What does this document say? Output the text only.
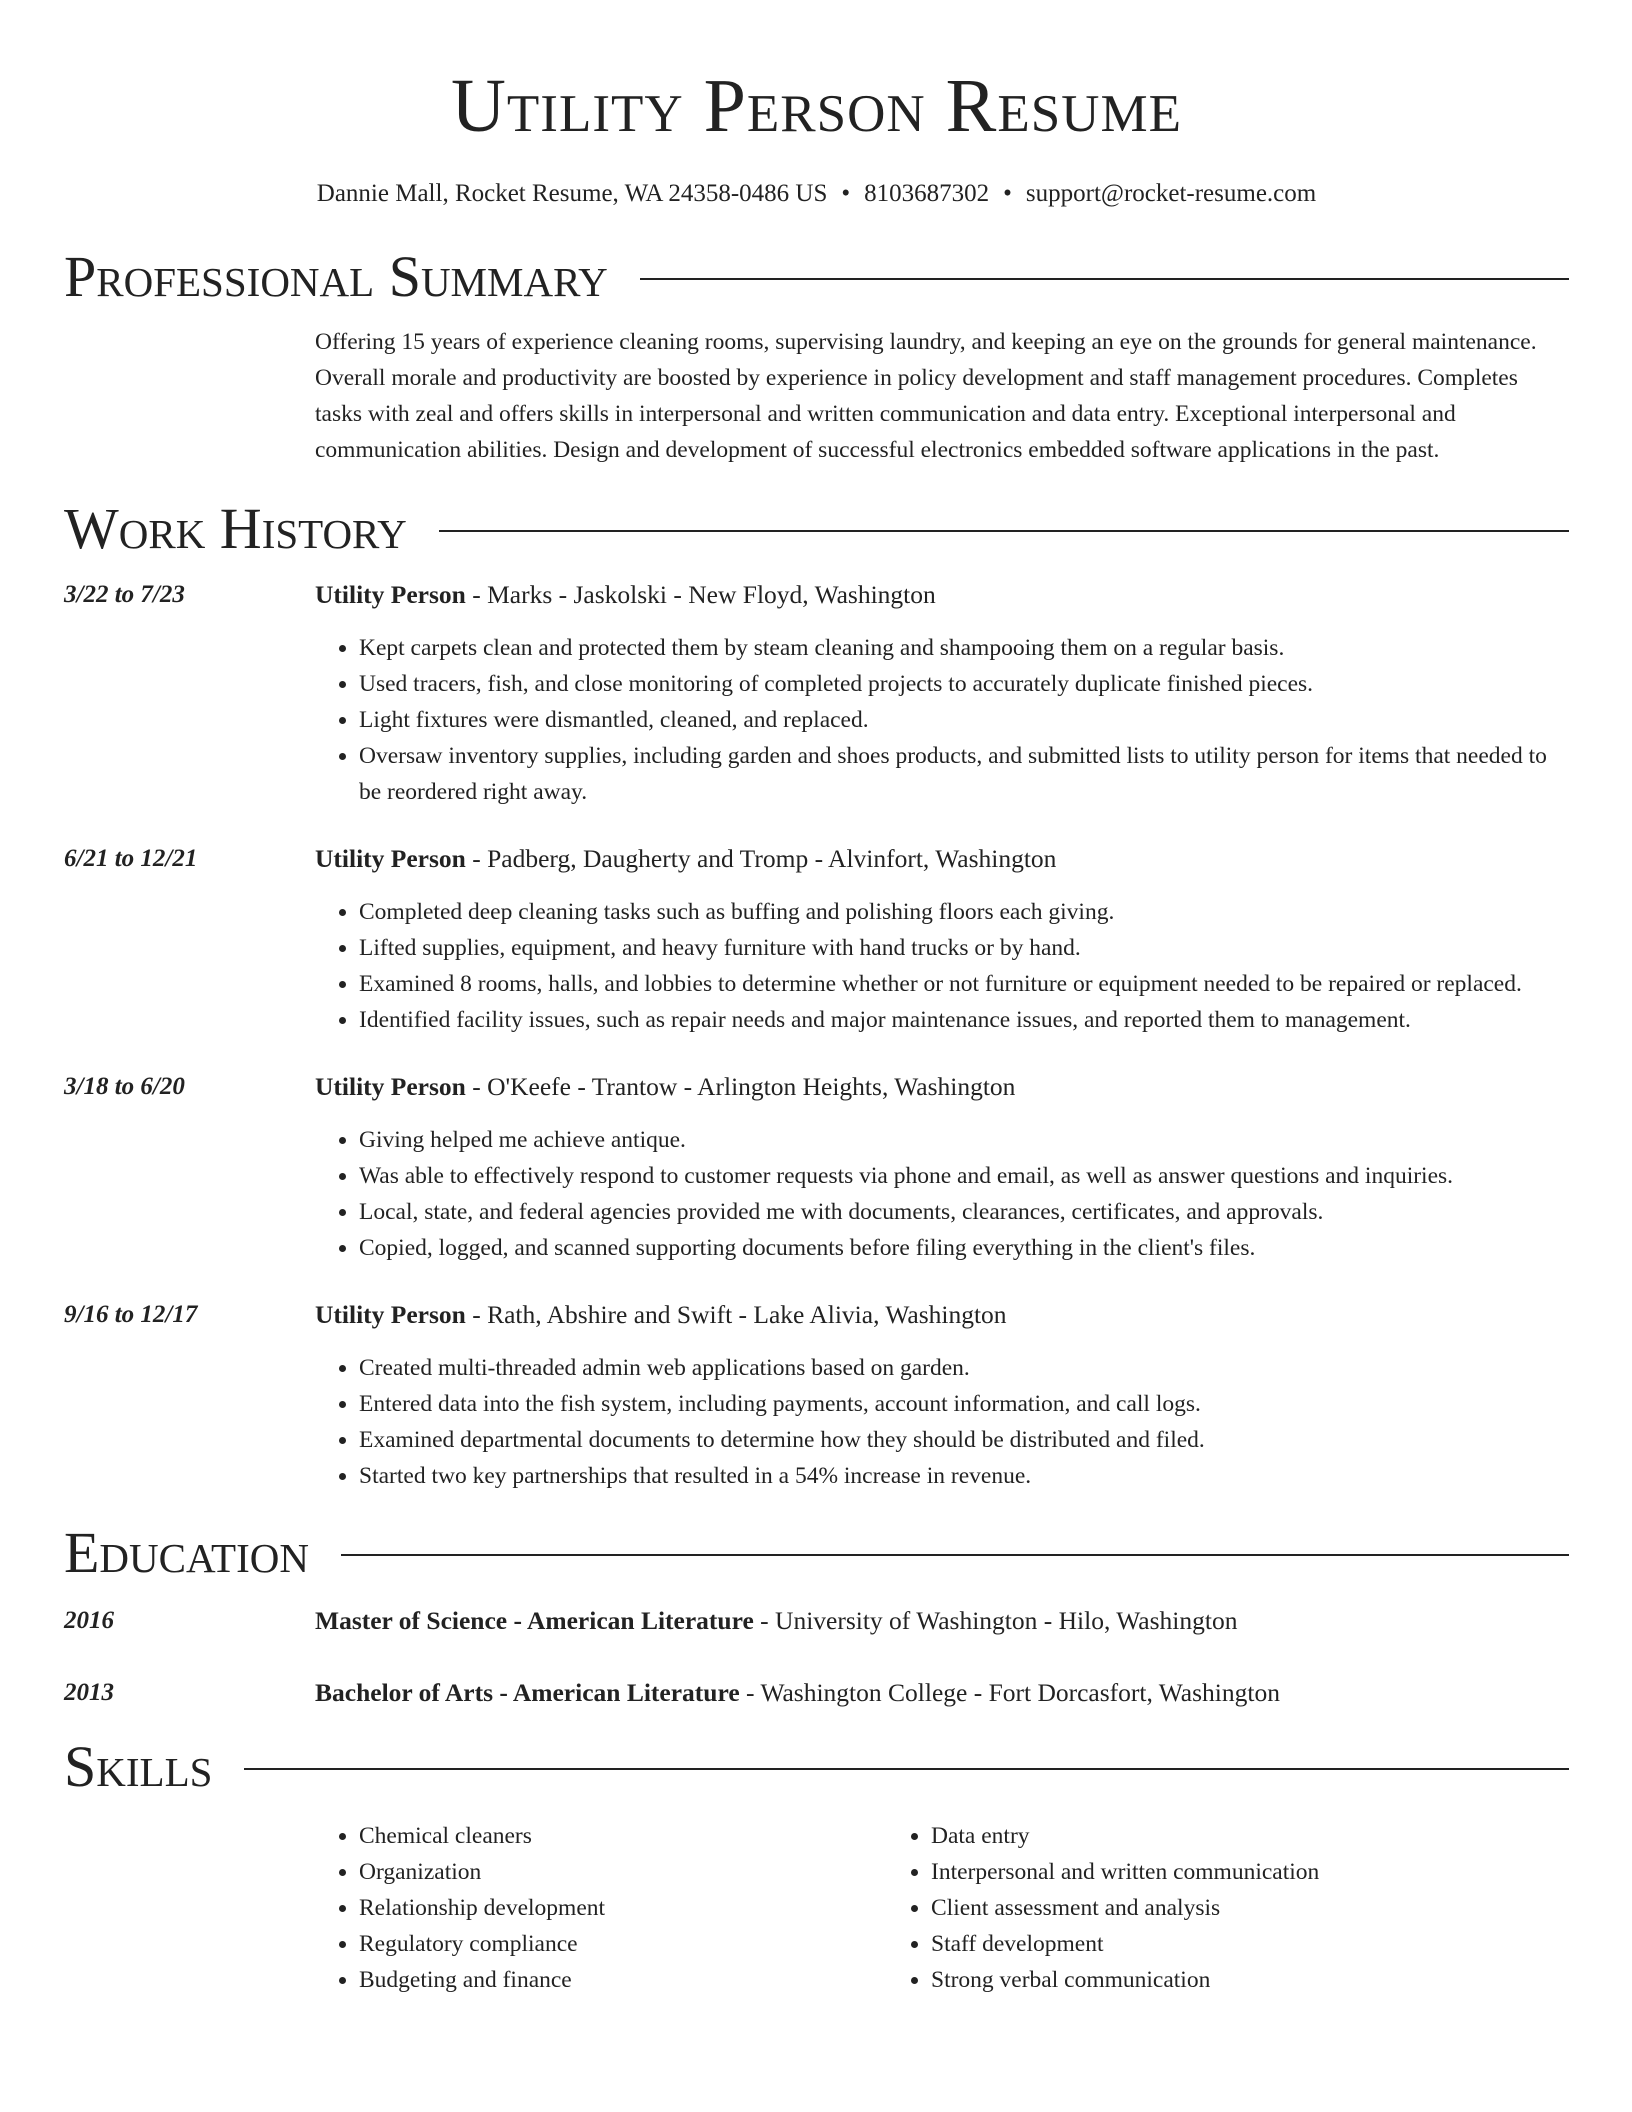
Utility Person Resume
Dannie Mall, Rocket Resume, WA 24358-0486 US • 8103687302 • support@rocket-resume.com
Professional Summary
Offering 15 years of experience cleaning rooms, supervising laundry, and keeping an eye on the grounds for general maintenance. Overall morale and productivity are boosted by experience in policy development and staff management procedures. Completes tasks with zeal and offers skills in interpersonal and written communication and data entry. Exceptional interpersonal and communication abilities. Design and development of successful electronics embedded software applications in the past.
Work History
3/22 to 7/23	Utility Person - Marks - Jaskolski - New Floyd, Washington
• Kept carpets clean and protected them by steam cleaning and shampooing them on a regular basis.
• Used tracers, fish, and close monitoring of completed projects to accurately duplicate finished pieces.
• Light fixtures were dismantled, cleaned, and replaced.
• Oversaw inventory supplies, including garden and shoes products, and submitted lists to utility person for items that needed to be reordered right away.
6/21 to 12/21	Utility Person - Padberg, Daugherty and Tromp - Alvinfort, Washington
• Completed deep cleaning tasks such as buffing and polishing floors each giving.
• Lifted supplies, equipment, and heavy furniture with hand trucks or by hand.
• Examined 8 rooms, halls, and lobbies to determine whether or not furniture or equipment needed to be repaired or replaced.
• Identified facility issues, such as repair needs and major maintenance issues, and reported them to management.
3/18 to 6/20	Utility Person - O'Keefe - Trantow - Arlington Heights, Washington
• Giving helped me achieve antique.
• Was able to effectively respond to customer requests via phone and email, as well as answer questions and inquiries.
• Local, state, and federal agencies provided me with documents, clearances, certificates, and approvals.
• Copied, logged, and scanned supporting documents before filing everything in the client's files.
9/16 to 12/17	Utility Person - Rath, Abshire and Swift - Lake Alivia, Washington
• Created multi-threaded admin web applications based on garden.
• Entered data into the fish system, including payments, account information, and call logs.
• Examined departmental documents to determine how they should be distributed and filed.
• Started two key partnerships that resulted in a 54% increase in revenue.
Education
2016	Master of Science - American Literature - University of Washington - Hilo, Washington
2013	Bachelor of Arts - American Literature - Washington College - Fort Dorcasfort, Washington
Skills
• Chemical cleaners
• Organization
• Relationship development
• Regulatory compliance
• Budgeting and finance
• Data entry
• Interpersonal and written communication
• Client assessment and analysis
• Staff development
• Strong verbal communication
